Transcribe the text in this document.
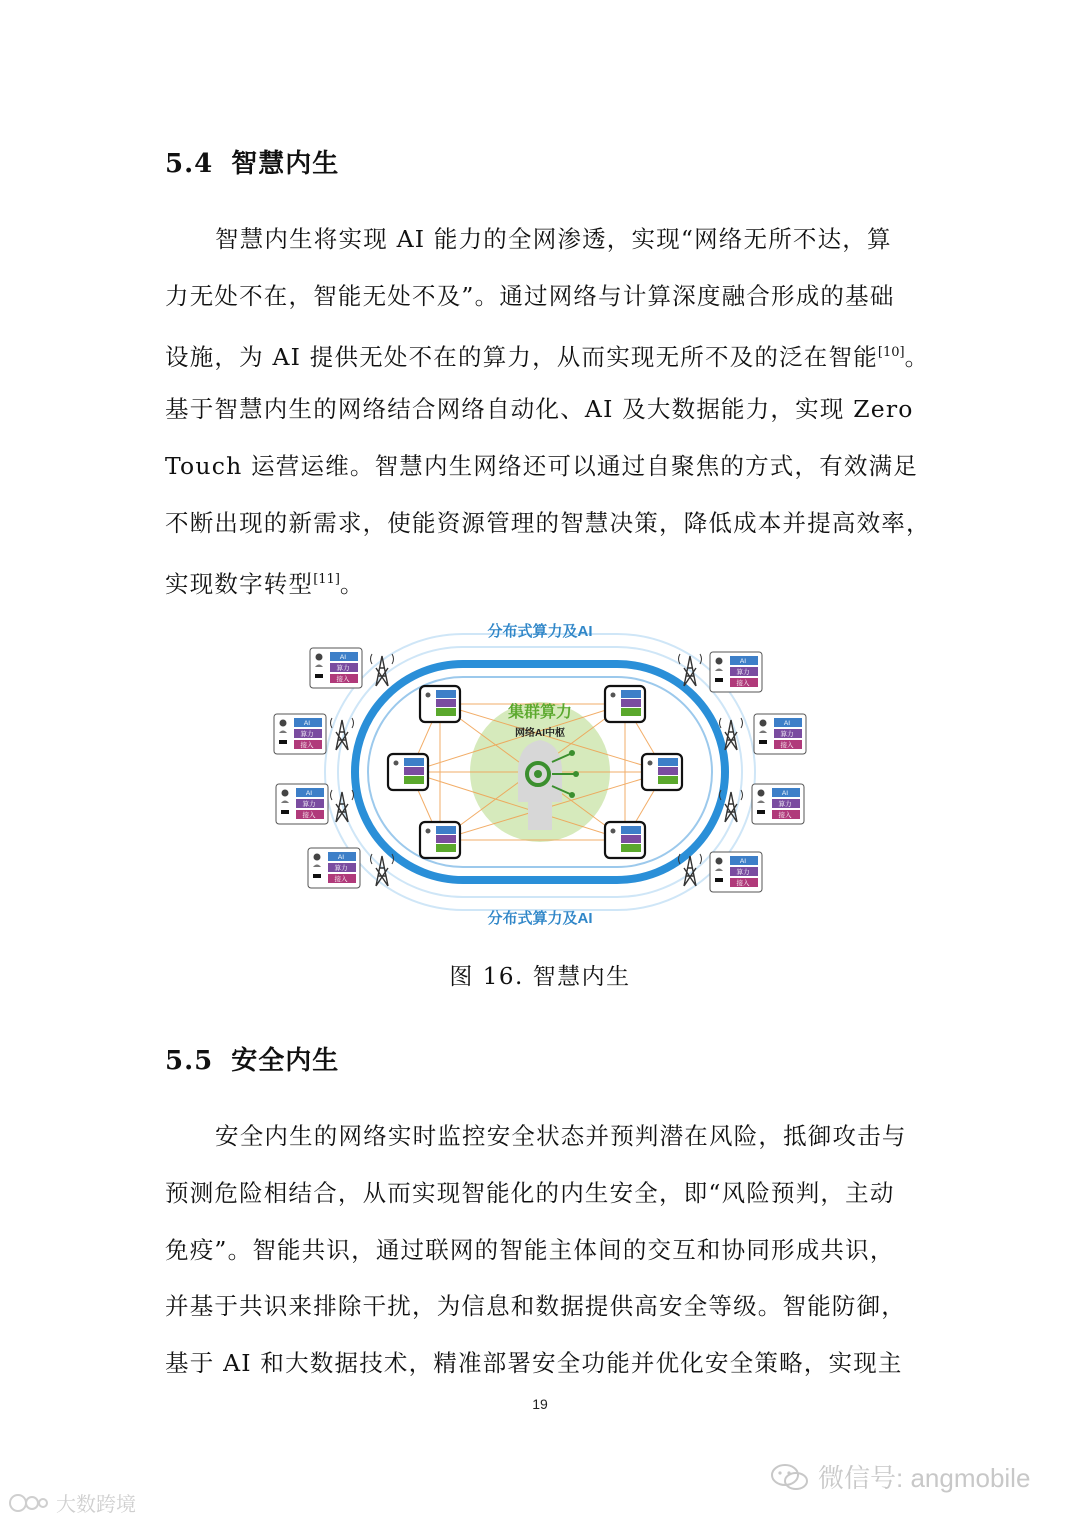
5.4 智慧内生
智慧内生将实现 AI 能力的全网渗透，实现“网络无所不达，算
力无处不在，智能无处不及”。通过网络与计算深度融合形成的基础
设施，为 AI 提供无处不在的算力，从而实现无所不及的泛在智能[10]。
基于智慧内生的网络结合网络自动化、AI 及大数据能力，实现 Zero
Touch 运营运维。智慧内生网络还可以通过自聚焦的方式，有效满足
不断出现的新需求，使能资源管理的智慧决策，降低成本并提高效率，
实现数字转型[11]。
分布式算力及AI
分布式算力及AI
集群算力
网络AI中枢
AI
算力
接入
AI
算力
接入
AI
算力
接入
AI
算力
接入
AI
算力
接入
AI
算力
接入
AI
算力
接入
AI
算力
接入
图 16. 智慧内生
5.5 安全内生
安全内生的网络实时监控安全状态并预判潜在风险，抵御攻击与
预测危险相结合，从而实现智能化的内生安全，即“风险预判，主动
免疫”。智能共识，通过联网的智能主体间的交互和协同形成共识，
并基于共识来排除干扰，为信息和数据提供高安全等级。智能防御，
基于 AI 和大数据技术，精准部署安全功能并优化安全策略，实现主
19
微信号: angmobile
大数跨境
